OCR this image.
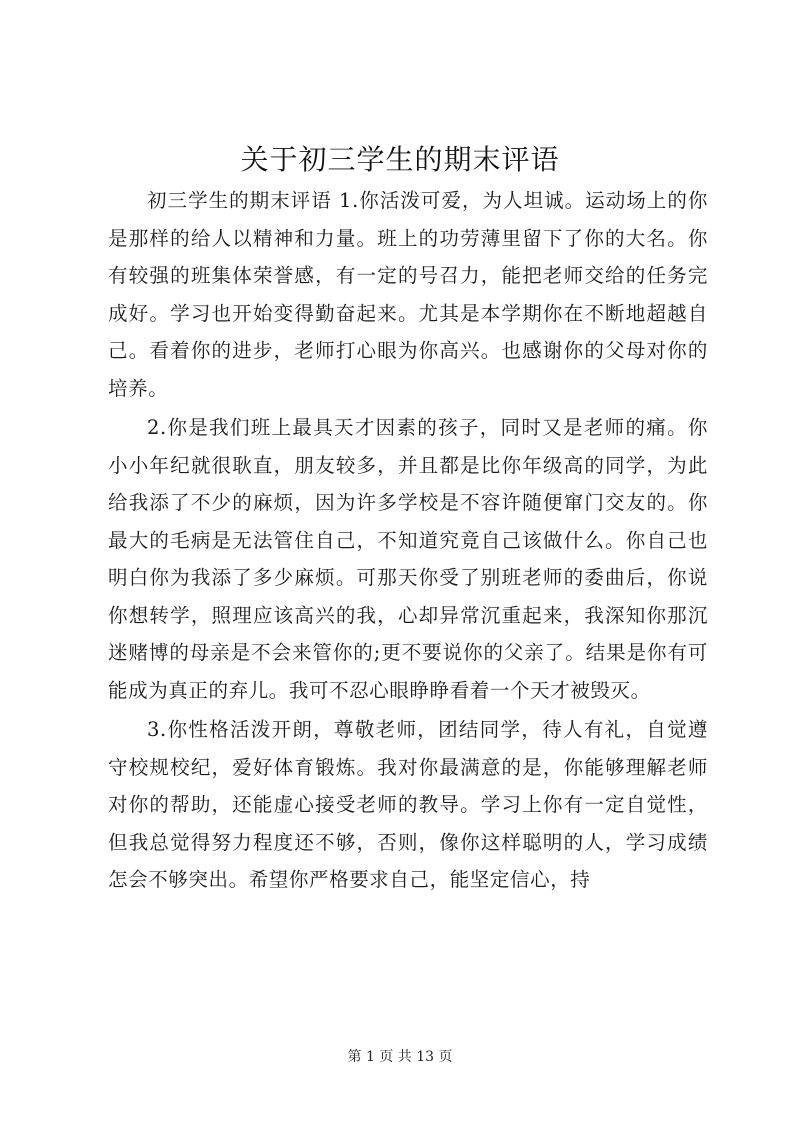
关于初三学生的期末评语

初三学生的期末评语 1.你活泼可爱，为人坦诚。运动场上的你是那样的给人以精神和力量。班上的功劳薄里留下了你的大名。你有较强的班集体荣誉感，有一定的号召力，能把老师交给的任务完成好。学习也开始变得勤奋起来。尤其是本学期你在不断地超越自己。看着你的进步，老师打心眼为你高兴。也感谢你的父母对你的培养。

2.你是我们班上最具天才因素的孩子，同时又是老师的痛。你小小年纪就很耿直，朋友较多，并且都是比你年级高的同学，为此给我添了不少的麻烦，因为许多学校是不容许随便窜门交友的。你最大的毛病是无法管住自己，不知道究竟自己该做什么。你自己也明白你为我添了多少麻烦。可那天你受了别班老师的委曲后，你说你想转学，照理应该高兴的我，心却异常沉重起来，我深知你那沉迷赌博的母亲是不会来管你的;更不要说你的父亲了。结果是你有可能成为真正的弃儿。我可不忍心眼睁睁看着一个天才被毁灭。

3.你性格活泼开朗，尊敬老师，团结同学，待人有礼，自觉遵守校规校纪，爱好体育锻炼。我对你最满意的是，你能够理解老师对你的帮助，还能虚心接受老师的教导。学习上你有一定自觉性，但我总觉得努力程度还不够，否则，像你这样聪明的人，学习成绩怎会不够突出。希望你严格要求自己，能坚定信心，持

第 1 页 共 13 页
